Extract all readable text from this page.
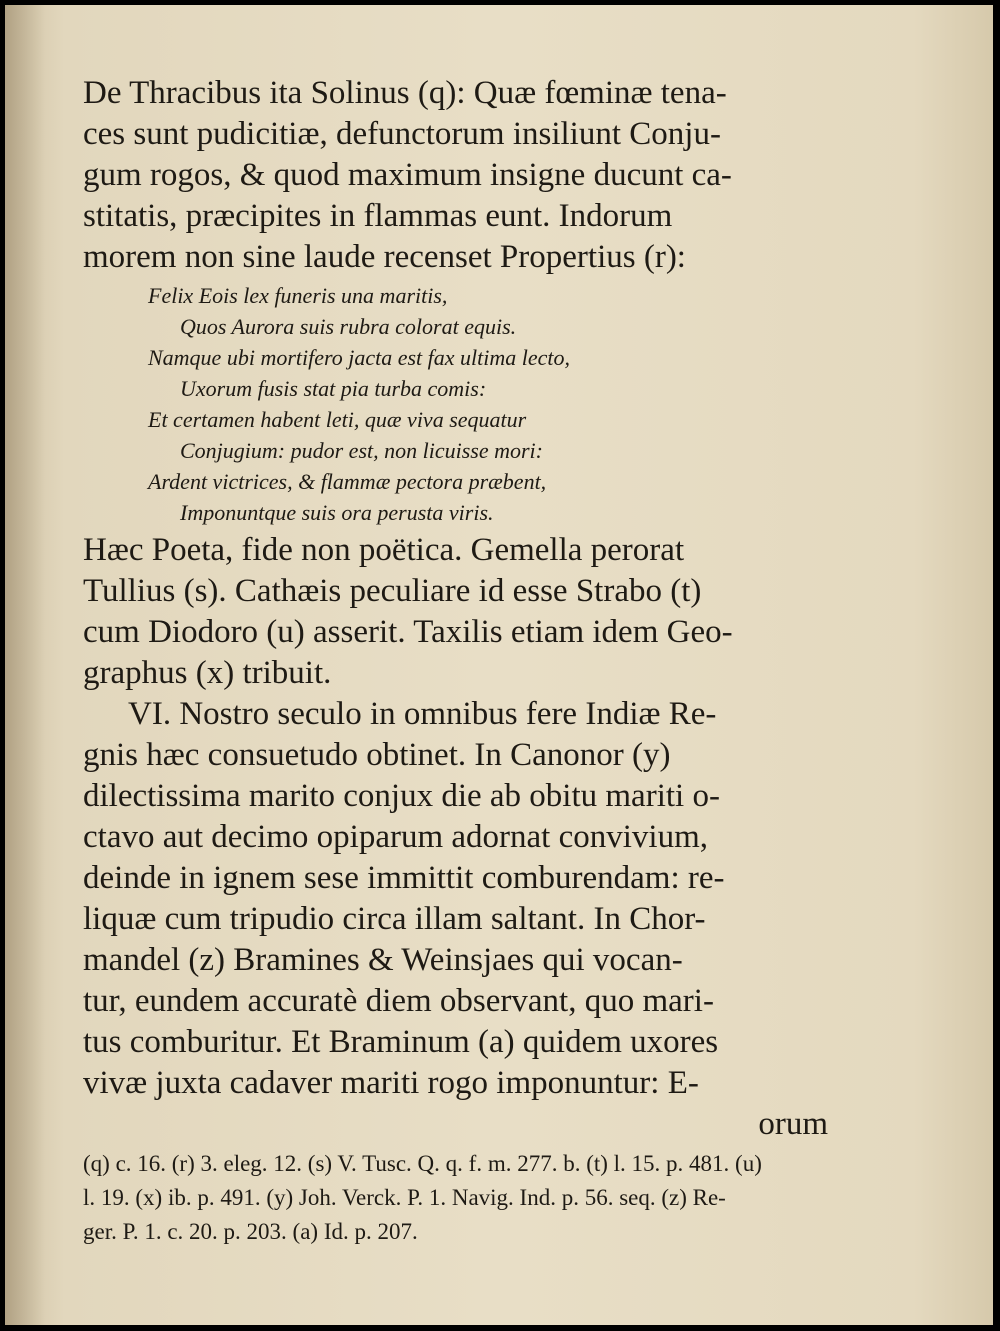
De Thracibus ita Solinus (q): Quæ fœminæ tena-
ces sunt pudicitiæ, defunctorum insiliunt Conju-
gum rogos, & quod maximum insigne ducunt ca-
stitatis, præcipites in flammas eunt. Indorum
morem non sine laude recenset Propertius (r):
Felix Eois lex funeris una maritis,
Quos Aurora suis rubra colorat equis.
Namque ubi mortifero jacta est fax ultima lecto,
Uxorum fusis stat pia turba comis:
Et certamen habent leti, quæ viva sequatur
Conjugium: pudor est, non licuisse mori:
Ardent victrices, & flammæ pectora præbent,
Imponuntque suis ora perusta viris.
Hæc Poeta, fide non poëtica. Gemella perorat
Tullius (s). Cathæis peculiare id esse Strabo (t)
cum Diodoro (u) asserit. Taxilis etiam idem Geo-
graphus (x) tribuit.
VI. Nostro seculo in omnibus fere Indiæ Re-
gnis hæc consuetudo obtinet. In Canonor (y)
dilectissima marito conjux die ab obitu mariti o-
ctavo aut decimo opiparum adornat convivium,
deinde in ignem sese immittit comburendam: re-
liquæ cum tripudio circa illam saltant. In Chor-
mandel (z) Bramines & Weinsjaes qui vocan-
tur, eundem accuratè diem observant, quo mari-
tus comburitur. Et Braminum (a) quidem uxores
vivæ juxta cadaver mariti rogo imponuntur: E-
orum
(q) c. 16. (r) 3. eleg. 12. (s) V. Tusc. Q. q. f. m. 277. b. (t) l. 15. p. 481. (u)
l. 19. (x) ib. p. 491. (y) Joh. Verck. P. 1. Navig. Ind. p. 56. seq. (z) Re-
ger. P. 1. c. 20. p. 203. (a) Id. p. 207.
